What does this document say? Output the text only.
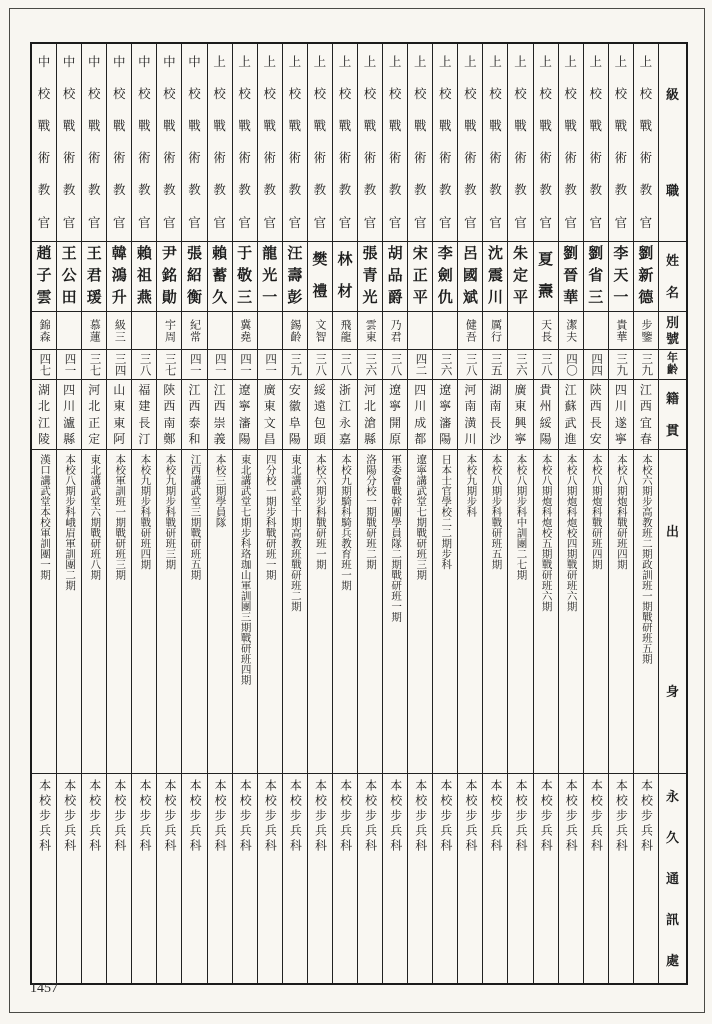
中
校
戰
術
教
官
趙
子
雲
錦森
四七
湖
北
江
陵
漢口講武堂本校軍訓團一期
本校步兵科
中
校
戰
術
教
官
王
公
田
四一
四
川
瀘
縣
本校八期步科峨眉軍訓團二期
本校步兵科
中
校
戰
術
教
官
王
君
瑗
慕蓮
三七
河
北
正
定
東北講武堂六期戰研班八期
本校步兵科
中
校
戰
術
教
官
韓
鴻
升
級三
三四
山
東
東
阿
本校軍訓班一期戰研班三期
本校步兵科
中
校
戰
術
教
官
賴
祖
燕
三八
福
建
長
汀
本校九期步科戰研班四期
本校步兵科
中
校
戰
術
教
官
尹
銘
勛
宇周
三七
陝
西
南
鄭
本校九期步科戰研班三期
本校步兵科
中
校
戰
術
教
官
張
紹
衡
紀常
四一
江
西
泰
和
江西講武堂三期戰研班五期
本校步兵科
上
校
戰
術
教
官
賴
蓄
久
四一
江
西
崇
義
本校三期學員隊
本校步兵科
上
校
戰
術
教
官
于
敬
三
冀堯
四一
遼
寧
瀋
陽
東北講武堂七期步科珞珈山軍訓團三期戰研班四期
本校步兵科
上
校
戰
術
教
官
龍
光
一
四一
廣
東
文
昌
四分校一期步科戰研班一期
本校步兵科
上
校
戰
術
教
官
汪
壽
彭
錫齡
三九
安
徽
阜
陽
東北講武堂十期高教班戰研班二期
本校步兵科
上
校
戰
術
教
官
樊
禮
文智
三八
綏
遠
包
頭
本校六期步科戰研班一期
本校步兵科
上
校
戰
術
教
官
林
材
飛龍
三八
浙
江
永
嘉
本校九期騎科騎兵教育班一期
本校步兵科
上
校
戰
術
教
官
張
青
光
雲東
三六
河
北
滄
縣
洛陽分校一期戰研班二期
本校步兵科
上
校
戰
術
教
官
胡
品
爵
乃君
三八
遼
寧
開
原
軍委會戰幹團學員隊二期戰研班一期
本校步兵科
上
校
戰
術
教
官
宋
正
平
四二
四
川
成
都
遼寧講武堂七期戰研班三期
本校步兵科
上
校
戰
術
教
官
李
劍
仇
三六
遼
寧
瀋
陽
日本士官學校二二期步科
本校步兵科
上
校
戰
術
教
官
呂
國
斌
健吾
三八
河
南
潢
川
本校九期步科
本校步兵科
上
校
戰
術
教
官
沈
震
川
厲行
三五
湖
南
長
沙
本校八期步科戰研班五期
本校步兵科
上
校
戰
術
教
官
朱
定
平
三六
廣
東
興
寧
本校八期步科中訓團二七期
本校步兵科
上
校
戰
術
教
官
夏
燾
天長
三八
貴
州
綏
陽
本校八期炮科炮校五期戰研班六期
本校步兵科
上
校
戰
術
教
官
劉
晉
華
潔夫
四〇
江
蘇
武
進
本校八期炮科炮校四期戰研班六期
本校步兵科
上
校
戰
術
教
官
劉
省
三
四四
陝
西
長
安
本校八期炮科戰研班四期
本校步兵科
上
校
戰
術
教
官
李
天
一
貴華
三九
四
川
遂
寧
本校八期炮科戰研班四期
本校步兵科
上
校
戰
術
教
官
劉
新
德
步鑒
三九
江
西
宜
春
本校六期步高教班二期政訓班一期戰研班五期
本校步兵科
級
職
姓
名
別
號
年
齡
籍
貫
出
身
永
久
通
訊
處
1457
